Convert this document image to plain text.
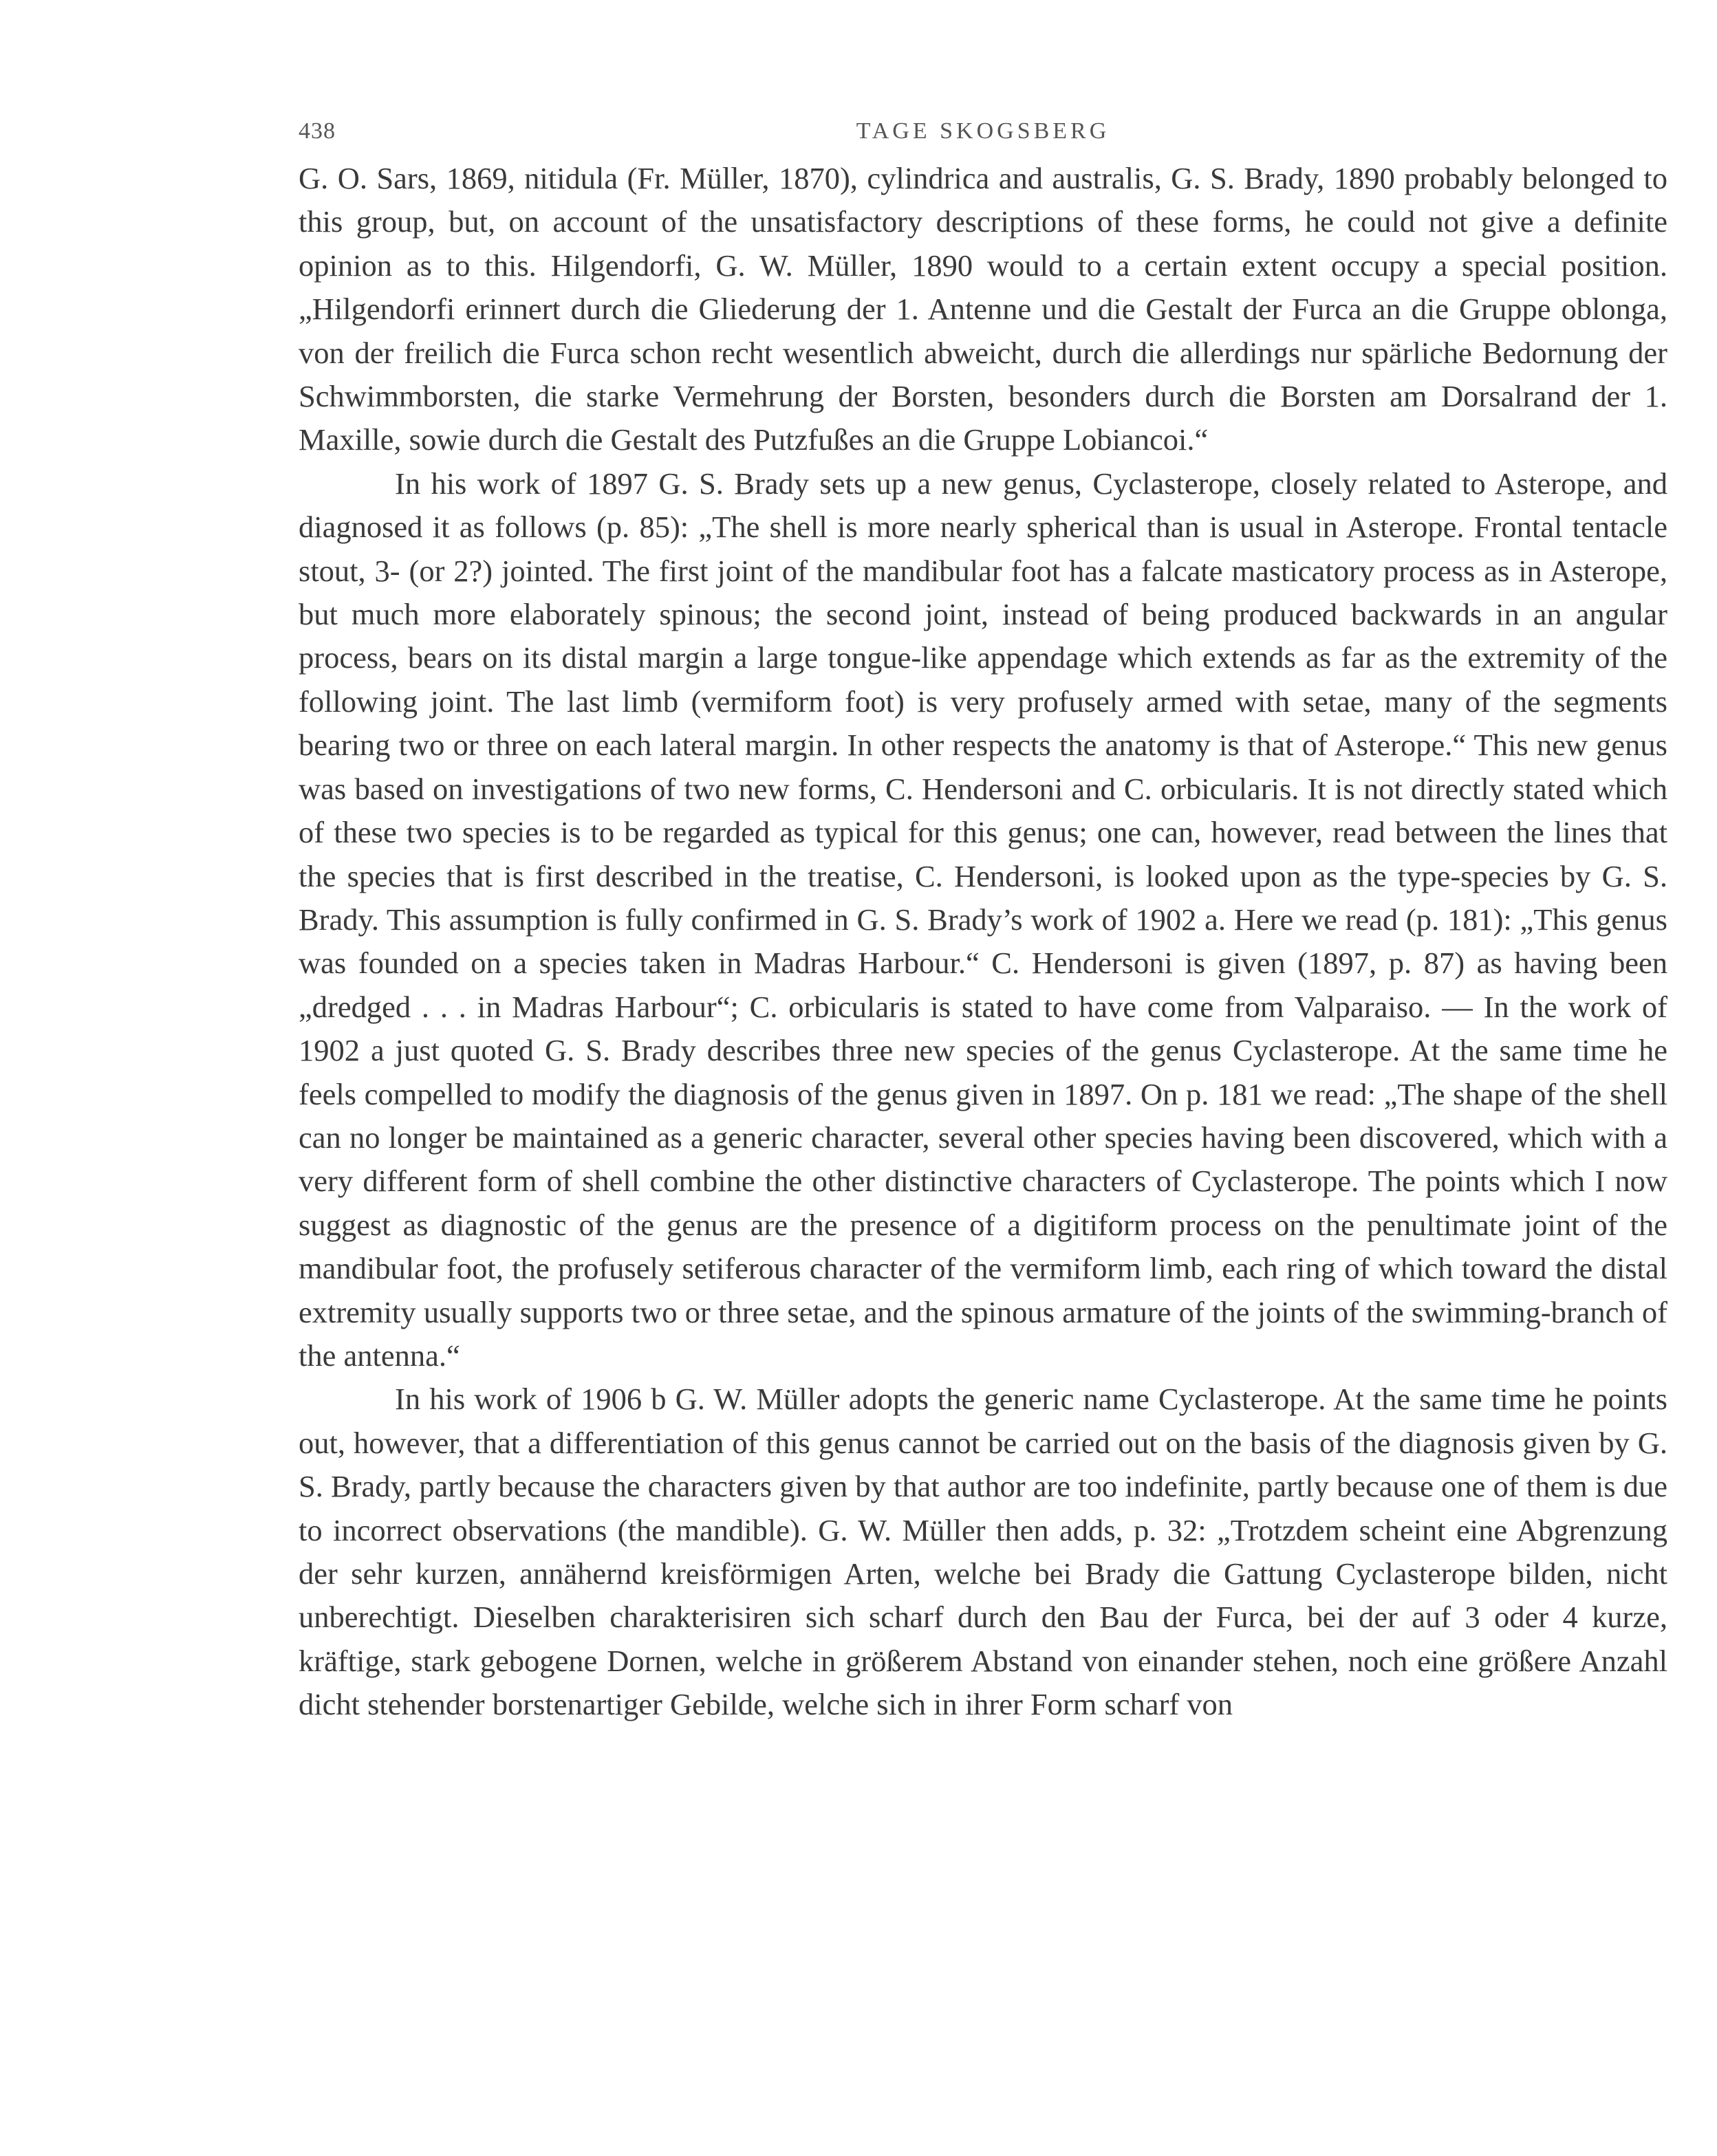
438	TAGE SKOGSBERG

G. O. Sars, 1869, nitidula (Fr. Müller, 1870), cylindrica and australis, G. S. Brady, 1890 probably belonged to this group, but, on account of the unsatisfactory descriptions of these forms, he could not give a definite opinion as to this. Hilgendorfi, G. W. Müller, 1890 would to a certain extent occupy a special position. „Hilgendorfi erinnert durch die Gliederung der 1. Antenne und die Gestalt der Furca an die Gruppe oblonga, von der freilich die Furca schon recht wesentlich abweicht, durch die allerdings nur spärliche Bedornung der Schwimmborsten, die starke Vermehrung der Borsten, besonders durch die Borsten am Dorsalrand der 1. Maxille, sowie durch die Gestalt des Putzfußes an die Gruppe Lobiancoi.“

In his work of 1897 G. S. Brady sets up a new genus, Cyclasterope, closely related to Asterope, and diagnosed it as follows (p. 85): „The shell is more nearly spherical than is usual in Asterope. Frontal tentacle stout, 3- (or 2?) jointed. The first joint of the mandibular foot has a falcate masticatory process as in Asterope, but much more elaborately spinous; the second joint, instead of being produced backwards in an angular process, bears on its distal margin a large tongue-like appendage which extends as far as the extremity of the following joint. The last limb (vermiform foot) is very profusely armed with setae, many of the segments bearing two or three on each lateral margin. In other respects the anatomy is that of Asterope.“ This new genus was based on investigations of two new forms, C. Hendersoni and C. orbicularis. It is not directly stated which of these two species is to be regarded as typical for this genus; one can, however, read between the lines that the species that is first described in the treatise, C. Hendersoni, is looked upon as the type-species by G. S. Brady. This assumption is fully confirmed in G. S. Brady’s work of 1902 a. Here we read (p. 181): „This genus was founded on a species taken in Madras Harbour.“ C. Hendersoni is given (1897, p. 87) as having been „dredged . . . in Madras Harbour“; C. orbicularis is stated to have come from Valparaiso. — In the work of 1902 a just quoted G. S. Brady describes three new species of the genus Cyclasterope. At the same time he feels compelled to modify the diagnosis of the genus given in 1897. On p. 181 we read: „The shape of the shell can no longer be maintained as a generic character, several other species having been discovered, which with a very different form of shell combine the other distinctive characters of Cyclasterope. The points which I now suggest as diagnostic of the genus are the presence of a digitiform process on the penultimate joint of the mandibular foot, the profusely setiferous character of the vermiform limb, each ring of which toward the distal extremity usually supports two or three setae, and the spinous armature of the joints of the swimming-branch of the antenna.“

In his work of 1906 b G. W. Müller adopts the generic name Cyclasterope. At the same time he points out, however, that a differentiation of this genus cannot be carried out on the basis of the diagnosis given by G. S. Brady, partly because the characters given by that author are too indefinite, partly because one of them is due to incorrect observations (the mandible). G. W. Müller then adds, p. 32: „Trotzdem scheint eine Abgrenzung der sehr kurzen, annähernd kreisförmigen Arten, welche bei Brady die Gattung Cyclasterope bilden, nicht unberechtigt. Dieselben charakterisiren sich scharf durch den Bau der Furca, bei der auf 3 oder 4 kurze, kräftige, stark gebogene Dornen, welche in größerem Abstand von einander stehen, noch eine größere Anzahl dicht stehender borstenartiger Gebilde, welche sich in ihrer Form scharf von
